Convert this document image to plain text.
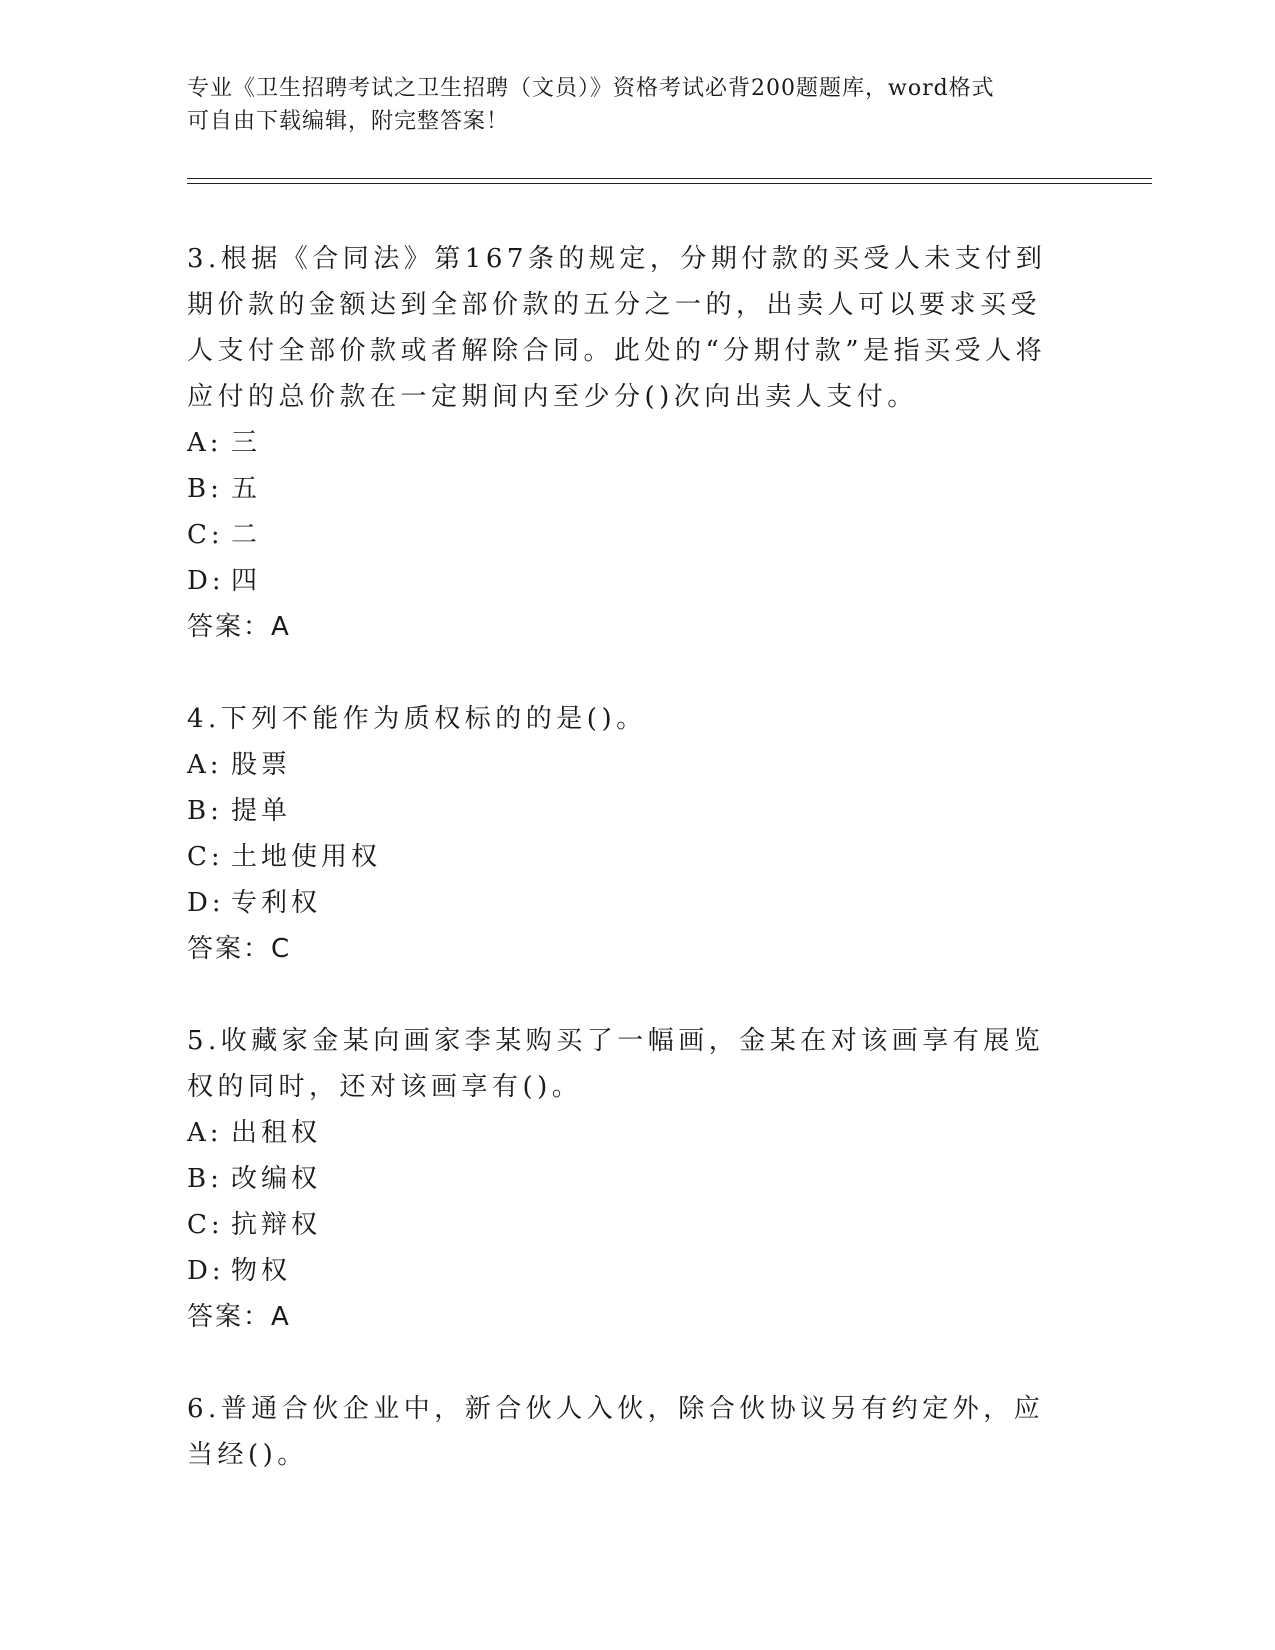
专业《卫生招聘考试之卫生招聘（文员）》资格考试必背200题题库，word格式
可自由下载编辑，附完整答案！

3.根据《合同法》第167条的规定，分期付款的买受人未支付到期价款的金额达到全部价款的五分之一的，出卖人可以要求买受人支付全部价款或者解除合同。此处的“分期付款”是指买受人将应付的总价款在一定期间内至少分()次向出卖人支付。

A: 三

B: 五

C: 二

D: 四

答案：A

4.下列不能作为质权标的的是()。

A: 股票

B: 提单

C: 土地使用权

D: 专利权

答案：C

5.收藏家金某向画家李某购买了一幅画，金某在对该画享有展览权的同时，还对该画享有()。

A: 出租权

B: 改编权

C: 抗辩权

D: 物权

答案：A

6.普通合伙企业中，新合伙人入伙，除合伙协议另有约定外，应当经()。
